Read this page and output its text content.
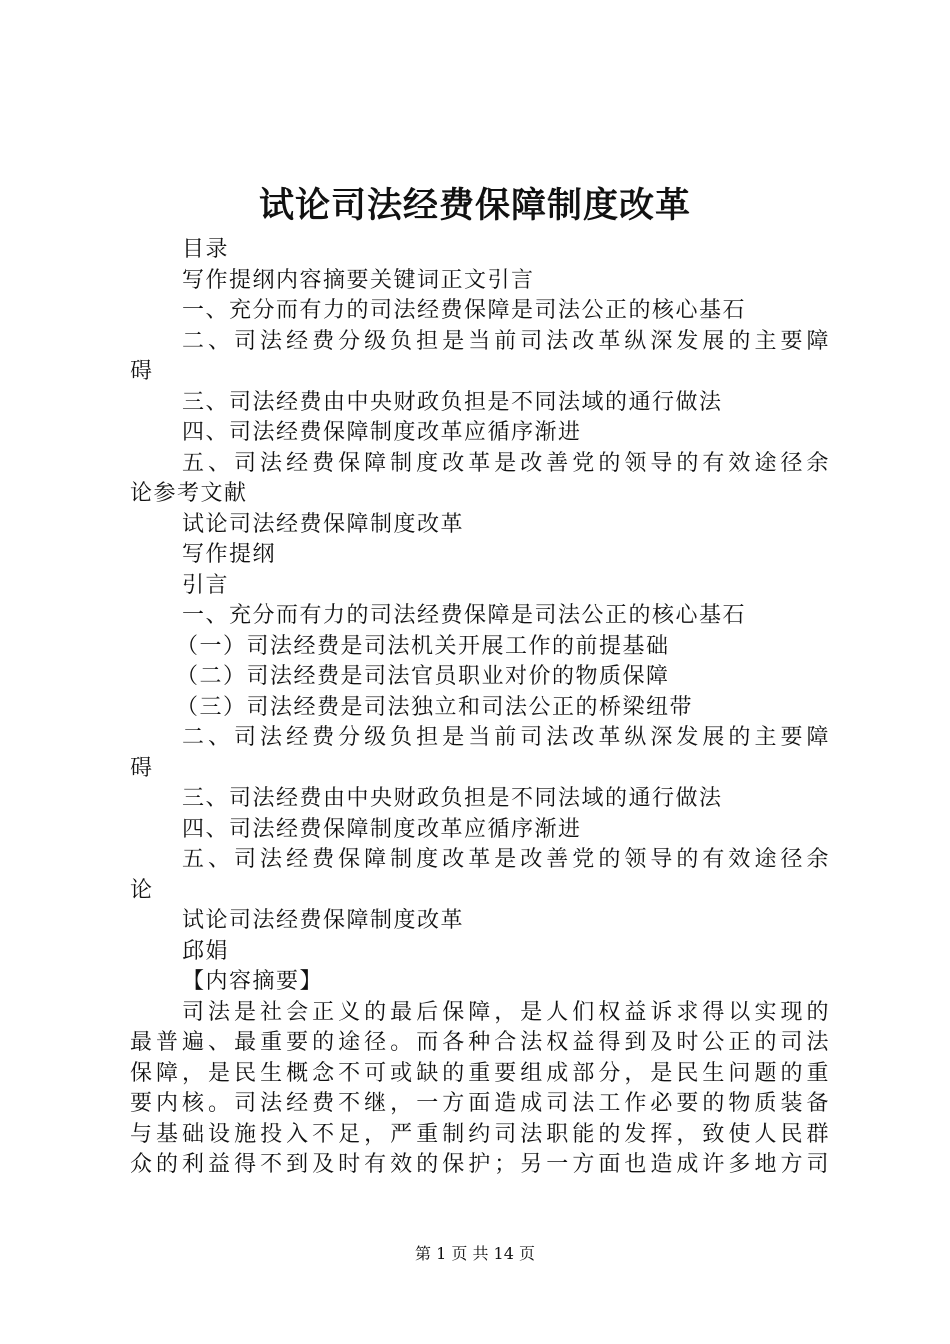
试论司法经费保障制度改革
目录
写作提纲内容摘要关键词正文引言
一、充分而有力的司法经费保障是司法公正的核心基石
二、司法经费分级负担是当前司法改革纵深发展的主要障
碍
三、司法经费由中央财政负担是不同法域的通行做法
四、司法经费保障制度改革应循序渐进
五、司法经费保障制度改革是改善党的领导的有效途径余
论参考文献
试论司法经费保障制度改革
写作提纲
引言
一、充分而有力的司法经费保障是司法公正的核心基石
（一）司法经费是司法机关开展工作的前提基础
（二）司法经费是司法官员职业对价的物质保障
（三）司法经费是司法独立和司法公正的桥梁纽带
二、司法经费分级负担是当前司法改革纵深发展的主要障
碍
三、司法经费由中央财政负担是不同法域的通行做法
四、司法经费保障制度改革应循序渐进
五、司法经费保障制度改革是改善党的领导的有效途径余
论
试论司法经费保障制度改革
邱娟
【内容摘要】
司法是社会正义的最后保障，是人们权益诉求得以实现的
最普遍、最重要的途径。而各种合法权益得到及时公正的司法
保障，是民生概念不可或缺的重要组成部分，是民生问题的重
要内核。司法经费不继，一方面造成司法工作必要的物质装备
与基础设施投入不足，严重制约司法职能的发挥，致使人民群
众的利益得不到及时有效的保护；另一方面也造成许多地方司
第 1 页 共 14 页
